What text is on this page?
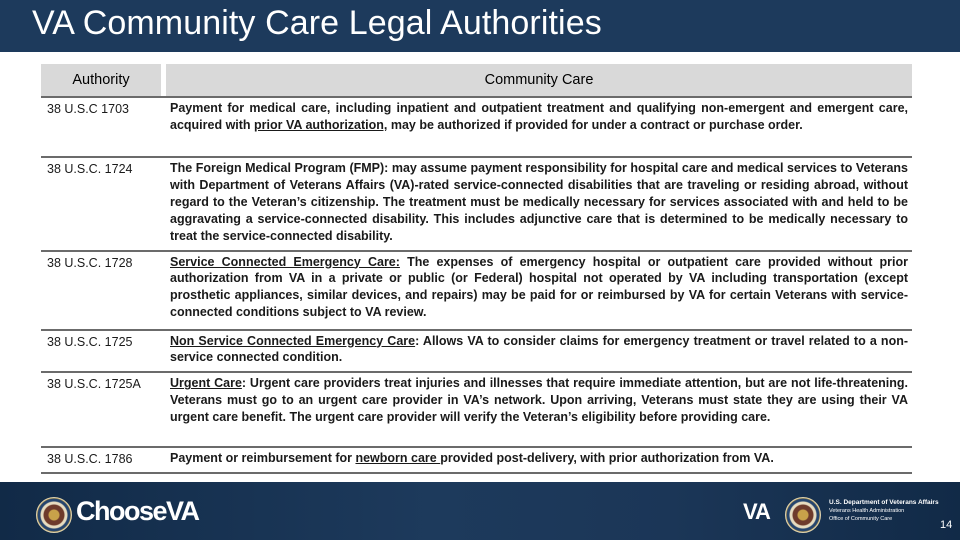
VA Community Care Legal Authorities
Authority		Community Care
38 U.S.C 1703		Payment for medical care, including inpatient and outpatient treatment and qualifying non-emergent and emergent care, acquired with prior VA authorization, may be authorized if provided for under a contract or purchase order.
38 U.S.C. 1724		The Foreign Medical Program (FMP): may assume payment responsibility for hospital care and medical services to Veterans with Department of Veterans Affairs (VA)-rated service-connected disabilities that are traveling or residing abroad, without regard to the Veteran’s citizenship. The treatment must be medically necessary for services associated with and held to be aggravating a service-connected disability. This includes adjunctive care that is determined to be medically necessary to treat the service-connected disability.
38 U.S.C. 1728		Service Connected Emergency Care: The expenses of emergency hospital or outpatient care provided without prior authorization from VA in a private or public (or Federal) hospital not operated by VA including transportation (except prosthetic appliances, similar devices, and repairs) may be paid for or reimbursed by VA for certain Veterans with service-connected conditions subject to VA review.
38 U.S.C. 1725		Non Service Connected Emergency Care: Allows VA to consider claims for emergency treatment or travel related to a non-service connected condition.
38 U.S.C. 1725A		Urgent Care: Urgent care providers treat injuries and illnesses that require immediate attention, but are not life-threatening. Veterans must go to an urgent care provider in VA’s network. Upon arriving, Veterans must state they are using their VA urgent care benefit. The urgent care provider will verify the Veteran’s eligibility before providing care.
38 U.S.C. 1786		Payment or reimbursement for newborn care provided post-delivery, with prior authorization from VA.
ChooseVA	VA	U.S. Department of Veterans Affairs
Veterans Health Administration
Office of Community Care	14
